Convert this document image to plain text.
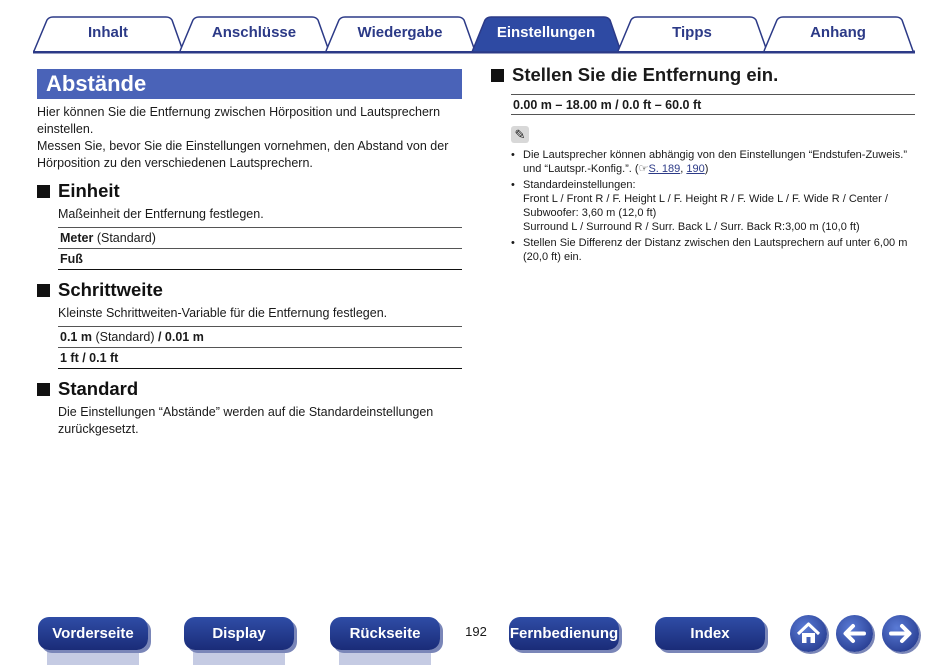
Inhalt	Anschlüsse	Wiedergabe	Einstellungen	Tipps	Anhang
Abstände
Hier können Sie die Entfernung zwischen Hörposition und Lautsprechern einstellen.
Messen Sie, bevor Sie die Einstellungen vornehmen, den Abstand von der Hörposition zu den verschiedenen Lautsprechern.
Einheit
Maßeinheit der Entfernung festlegen.
Meter (Standard)
Fuß
Schrittweite
Kleinste Schrittweiten-Variable für die Entfernung festlegen.
0.1 m (Standard) / 0.01 m
1 ft / 0.1 ft
Standard
Die Einstellungen “Abstände” werden auf die Standardeinstellungen zurückgesetzt.
Stellen Sie die Entfernung ein.
0.00 m – 18.00 m / 0.0 ft – 60.0 ft
✎
• Die Lautsprecher können abhängig von den Einstellungen “Endstufen-Zuweis.” und “Lautspr.-Konfig.”. (☞S. 189, 190)
• Standardeinstellungen:
Front L / Front R / F. Height L / F. Height R / F. Wide L / F. Wide R / Center / Subwoofer: 3,60 m (12,0 ft)
Surround L / Surround R / Surr. Back L / Surr. Back R:3,00 m (10,0 ft)
• Stellen Sie Differenz der Distanz zwischen den Lautsprechern auf unter 6,00 m (20,0 ft) ein.
Vorderseite	Display	Rückseite	192 Fernbedienung	Index
